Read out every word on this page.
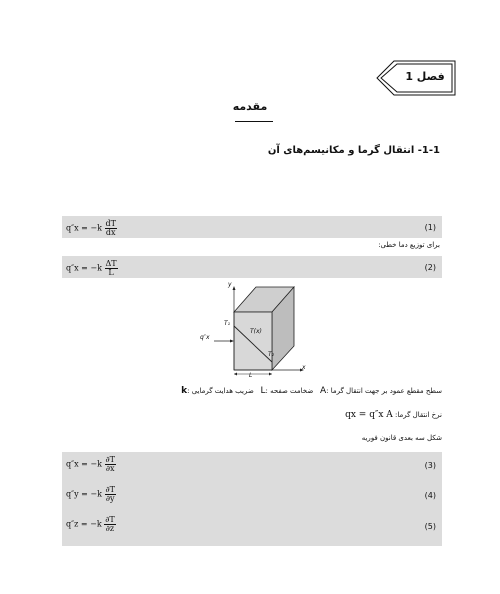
فصل 1
مقدمه
1-1- انتقال گرما و مکانیسم‌های آن
$q''x = -k \frac{dT}{dx}$	(1)
برای توزیع دما خطی:
$q''x = -k \frac{\Delta T}{L}$	(2)
y
x
T₁
T₂
T(x)
q″x
L
k: ضریب هدایت گرمایی L: ضخامت صفحه A: سطح مقطع عمود بر جهت انتقال گرما
نرخ انتقال گرما: qx = q″x A
شکل سه بعدی قانون فوریه
$q''x = -k \frac{\partial T}{\partial x}$	(3)
$q''y = -k \frac{\partial T}{\partial y}$	(4)
$q''z = -k \frac{\partial T}{\partial z}$	(5)
